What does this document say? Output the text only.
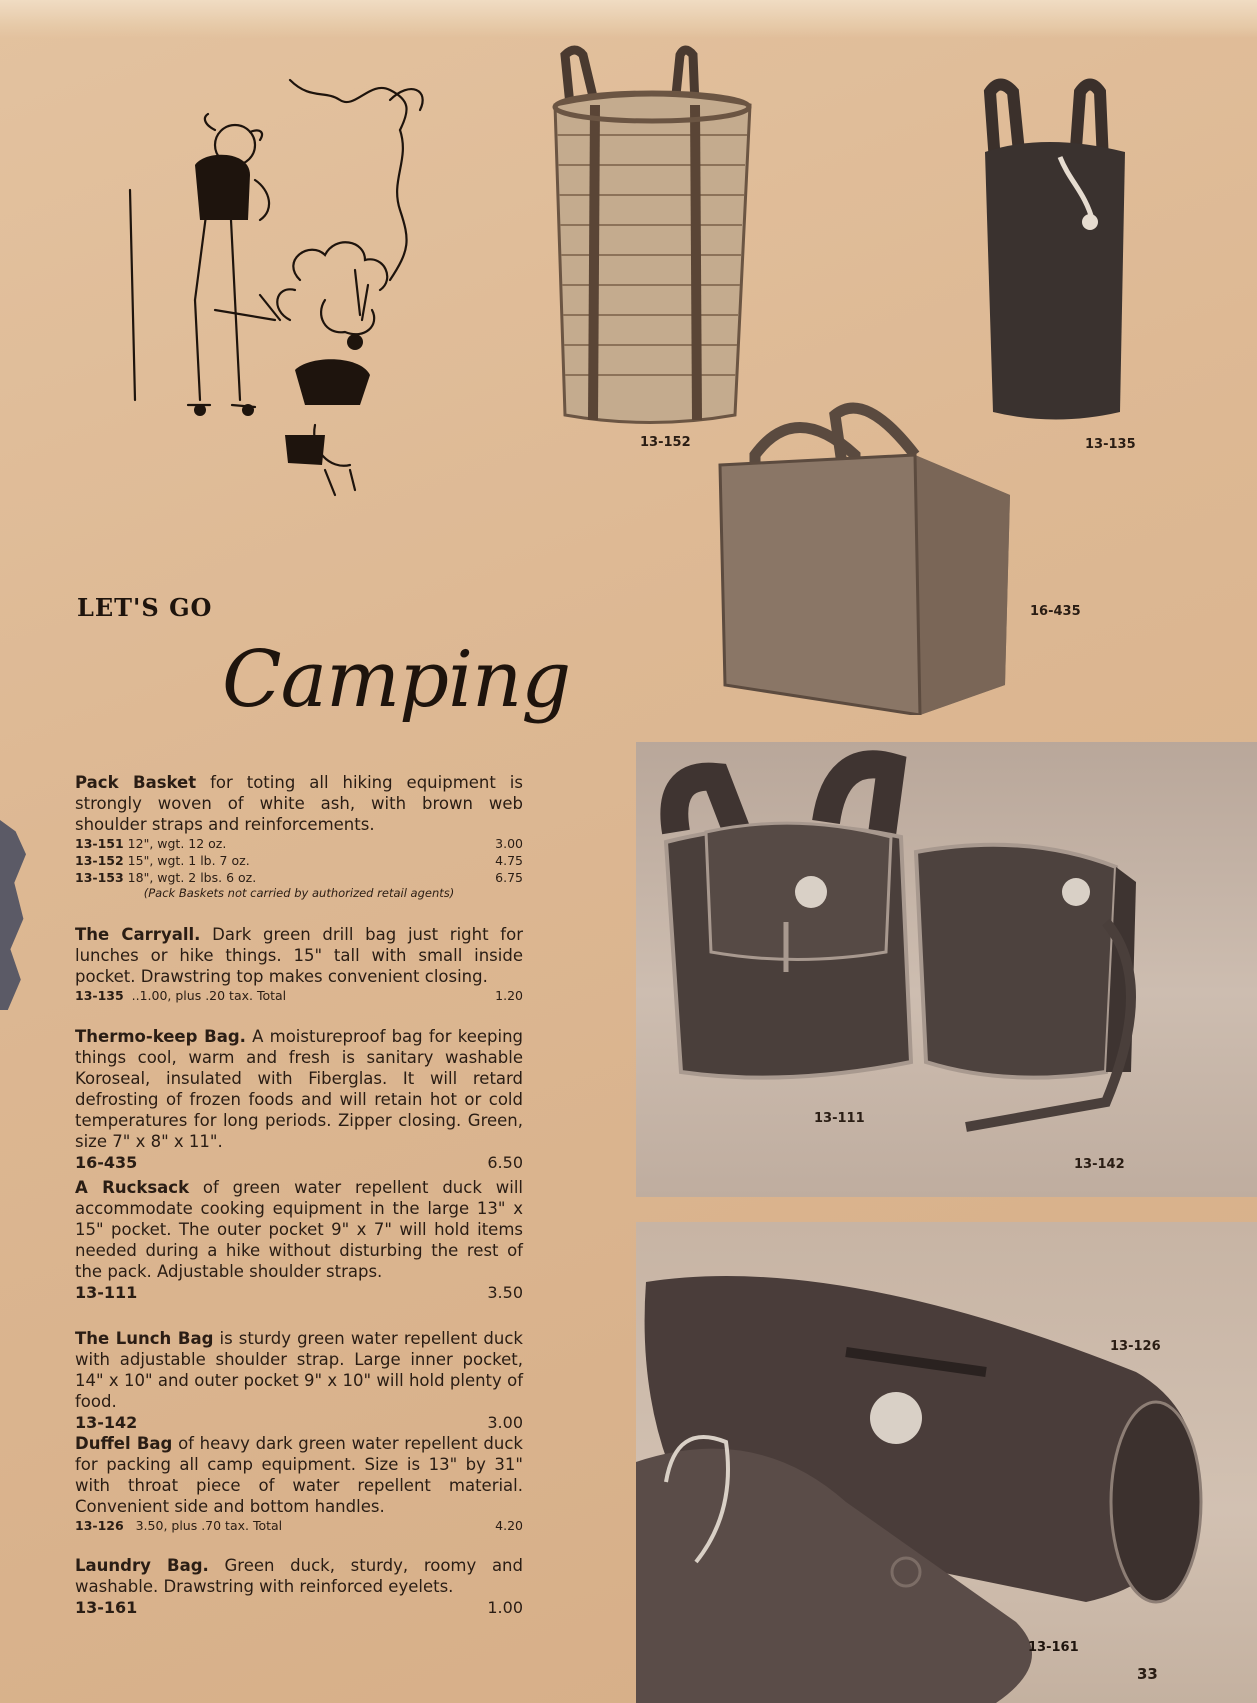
LET'S GO
Camping
Pack Basket for toting all hiking equipment is strongly woven of white ash, with brown web shoulder straps and reinforcements.
13-151 12", wgt. 12 oz.	3.00
13-152 15", wgt. 1 lb. 7 oz.	4.75
13-153 18", wgt. 2 lbs. 6 oz.	6.75
(Pack Baskets not carried by authorized retail agents)
The Carryall. Dark green drill bag just right for lunches or hike things. 15" tall with small inside pocket. Drawstring top makes convenient closing.
13-135  ..1.00, plus .20 tax. Total	1.20
Thermo-keep Bag. A moistureproof bag for keeping things cool, warm and fresh is sanitary washable Koroseal, insulated with Fiberglas. It will retard defrosting of frozen foods and will retain hot or cold temperatures for long periods. Zipper closing. Green, size 7" x 8" x 11".
16-435	6.50
A Rucksack of green water repellent duck will accommodate cooking equipment in the large 13" x 15" pocket. The outer pocket 9" x 7" will hold items needed during a hike without disturbing the rest of the pack. Adjustable shoulder straps.
13-111	3.50
The Lunch Bag is sturdy green water repellent duck with adjustable shoulder strap. Large inner pocket, 14" x 10" and outer pocket 9" x 10" will hold plenty of food.
13-142	3.00
Duffel Bag of heavy dark green water repellent duck for packing all camp equipment. Size is 13" by 31" with throat piece of water repellent material. Convenient side and bottom handles.
13-126 3.50, plus .70 tax. Total	4.20
Laundry Bag. Green duck, sturdy, roomy and washable. Drawstring with reinforced eyelets.
13-161	1.00
13-152	13-135
16-435
13-111
13-142
13-126
13-161
33
